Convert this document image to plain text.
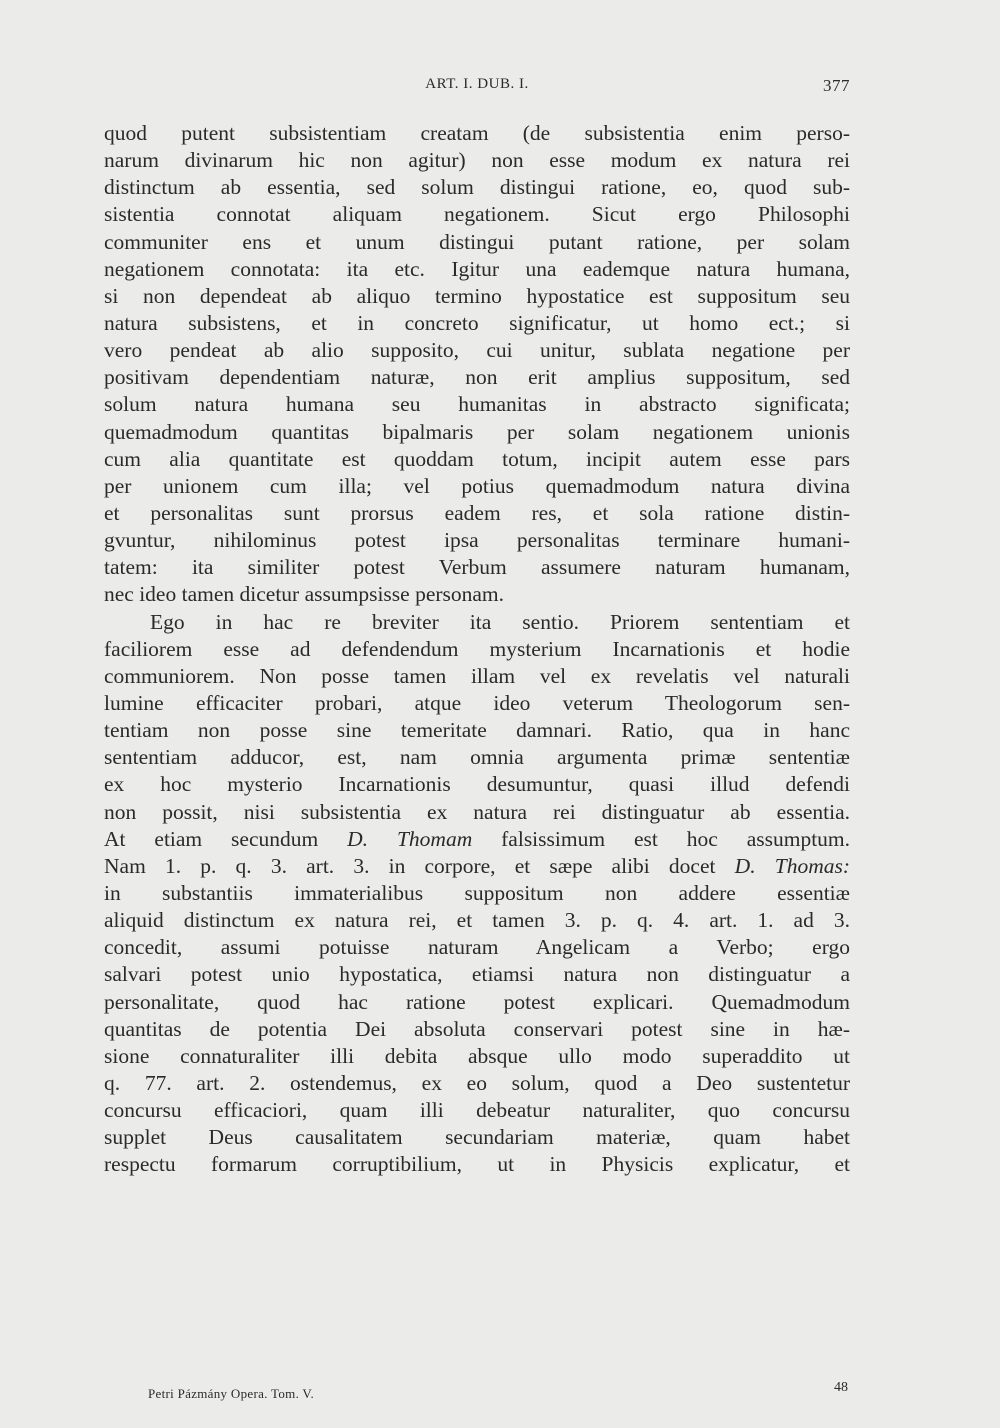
ART. I. DUB. I.	377
quod putent subsistentiam creatam (de subsistentia enim perso-
narum divinarum hic non agitur) non esse modum ex natura rei
distinctum ab essentia, sed solum distingui ratione, eo, quod sub-
sistentia connotat aliquam negationem. Sicut ergo Philosophi
communiter ens et unum distingui putant ratione, per solam
negationem connotata: ita etc. Igitur una eademque natura humana,
si non dependeat ab aliquo termino hypostatice est suppositum seu
natura subsistens, et in concreto significatur, ut homo ect.; si
vero pendeat ab alio supposito, cui unitur, sublata negatione per
positivam dependentiam naturæ, non erit amplius suppositum, sed
solum natura humana seu humanitas in abstracto significata;
quemadmodum quantitas bipalmaris per solam negationem unionis
cum alia quantitate est quoddam totum, incipit autem esse pars
per unionem cum illa; vel potius quemadmodum natura divina
et personalitas sunt prorsus eadem res, et sola ratione distin-
gvuntur, nihilominus potest ipsa personalitas terminare humani-
tatem: ita similiter potest Verbum assumere naturam humanam,
nec ideo tamen dicetur assumpsisse personam.
Ego in hac re breviter ita sentio. Priorem sententiam et
faciliorem esse ad defendendum mysterium Incarnationis et hodie
communiorem. Non posse tamen illam vel ex revelatis vel naturali
lumine efficaciter probari, atque ideo veterum Theologorum sen-
tentiam non posse sine temeritate damnari. Ratio, qua in hanc
sententiam adducor, est, nam omnia argumenta primæ sententiæ
ex hoc mysterio Incarnationis desumuntur, quasi illud defendi
non possit, nisi subsistentia ex natura rei distinguatur ab essentia.
At etiam secundum D. Thomam falsissimum est hoc assumptum.
Nam 1. p. q. 3. art. 3. in corpore, et sæpe alibi docet D. Thomas:
in substantiis immaterialibus suppositum non addere essentiæ
aliquid distinctum ex natura rei, et tamen 3. p. q. 4. art. 1. ad 3.
concedit, assumi potuisse naturam Angelicam a Verbo; ergo
salvari potest unio hypostatica, etiamsi natura non distinguatur a
personalitate, quod hac ratione potest explicari. Quemadmodum
quantitas de potentia Dei absoluta conservari potest sine in hæ-
sione connaturaliter illi debita absque ullo modo superaddito ut
q. 77. art. 2. ostendemus, ex eo solum, quod a Deo sustentetur
concursu efficaciori, quam illi debeatur naturaliter, quo concursu
supplet Deus causalitatem secundariam materiæ, quam habet
respectu formarum corruptibilium, ut in Physicis explicatur, et
Petri Pázmány Opera. Tom. V.	48
